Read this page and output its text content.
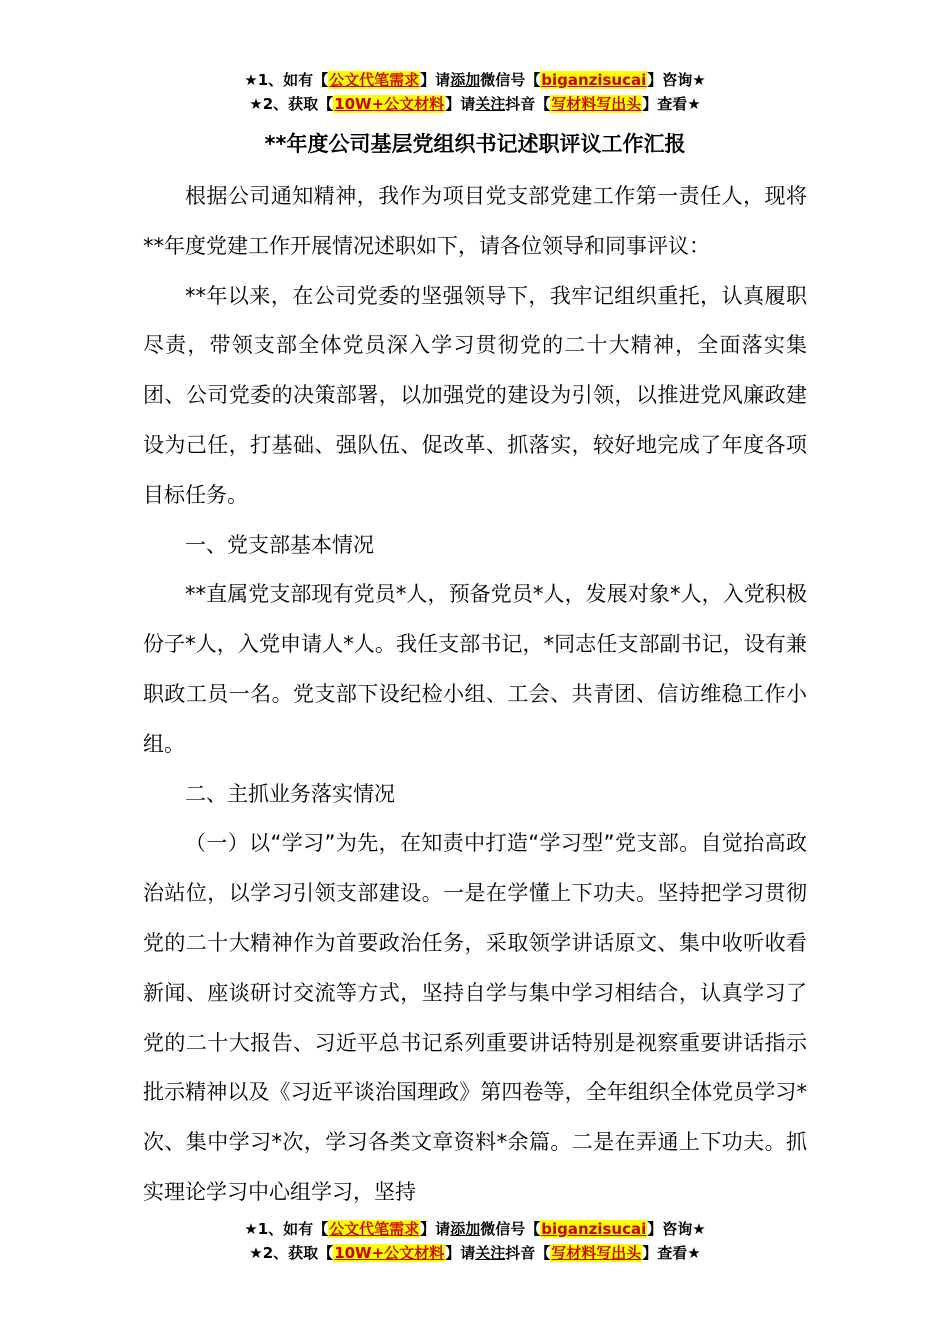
★1、如有【公文代笔需求】请添加微信号【biganzisucai】咨询★
★2、获取【10W+公文材料】请关注抖音【写材料写出头】查看★
**年度公司基层党组织书记述职评议工作汇报

根据公司通知精神，我作为项目党支部党建工作第一责任人，现将**年度党建工作开展情况述职如下，请各位领导和同事评议：

**年以来，在公司党委的坚强领导下，我牢记组织重托，认真履职尽责，带领支部全体党员深入学习贯彻党的二十大精神，全面落实集团、公司党委的决策部署，以加强党的建设为引领，以推进党风廉政建设为己任，打基础、强队伍、促改革、抓落实，较好地完成了年度各项目标任务。

一、党支部基本情况

**直属党支部现有党员*人，预备党员*人，发展对象*人，入党积极份子*人，入党申请人*人。我任支部书记，*同志任支部副书记，设有兼职政工员一名。党支部下设纪检小组、工会、共青团、信访维稳工作小组。

二、主抓业务落实情况

（一）以“学习”为先，在知责中打造“学习型”党支部。自觉抬高政治站位，以学习引领支部建设。一是在学懂上下功夫。坚持把学习贯彻党的二十大精神作为首要政治任务，采取领学讲话原文、集中收听收看新闻、座谈研讨交流等方式，坚持自学与集中学习相结合，认真学习了党的二十大报告、习近平总书记系列重要讲话特别是视察重要讲话指示批示精神以及《习近平谈治国理政》第四卷等，全年组织全体党员学习*次、集中学习*次，学习各类文章资料*余篇。二是在弄通上下功夫。抓实理论学习中心组学习，坚持

★1、如有【公文代笔需求】请添加微信号【biganzisucai】咨询★
★2、获取【10W+公文材料】请关注抖音【写材料写出头】查看★
